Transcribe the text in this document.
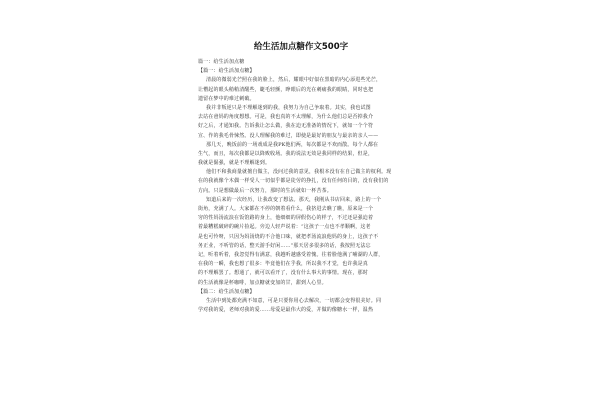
给生活加点糖作文500字
篇一：给生活加点糖
【篇一：给生活加点糖】
清晨的微弱光芒照在我的脸上，然后，耀眼中好似在黑暗的内心添进些光芒，
让懵起的眼头稍稍清醒些，睫毛轻颤，睁眼后的光在刺痛我的眼睛，同时也把
遗留在梦中的难过刺破。
我并非叛逆只是不理解迷到的我，我努力为自己争取着。其实，我也试图
去站在爸妈的角度想想。可是，我也真的不太理解，为什么他们总是否掉我介
好之后，才通知我。告诉我让怎么做，我在迫无准备的情况下，就如一个个符
宣、作的我毛骨悚然。没人理解我的难过，即使是最好的朋友与最亲的亲人——
那几天，晚饭前的一场戏成是我PK他们两，每次都是不欢而散。每个人都在
生气，而且，每次我都是以降败收场。我的说法无效是我同样的结果，但是，
我就是倔强，就是不理解迷到。
他们不和我商量就擅自做主，没问过我的意见，我根本没有在自己做主的权利。现
在的我就像个木偶一样受人一切似乎都是徒劳的挣扎，没有任何的目的，没有我们的
方向。只是想做最后一次努力，那时的生活就如一杯苦茶。
知道后来的一次经历，让我改变了想法。那天，我刚从书店回来，路上的一个
街角，充满了人。大家都在不停的朝着看什么，我挤进去瞧了瞧，原来是一个
穷的性妈汤流浪在饭馆路的身上，他细细的屏假伤心的样子，不过还是强迫着
着最糟糕破碎的碗片捡起。旁边人轻声说着：“这孩子一点也不孝顺啊，这老
是也可怜呀，只因为妈汤烧的不合他口味，就把孝汤流浪他妈的身上，这孩子不
务正业，不听管的话，整天游手好闲……”那天居多很多的话，我按照无法忘
记，听着听着，我忽觉得有满意，我越听越感受着愧。往着脸他满了哺湖的人群，
在我的一瞬，我也想了很多：毕竟他们在乎我，所以我不才觉，也许我是真
的不理解罢了。想通了，就可以看开了，没有什么事大的事情。现在，那时
的生活就像是杯咖啡，加点糖就变加的甘，甜到人心里。
【篇二：给生活加点糖】
生活中到处都充满不如意，可是只要你用心去解决，一切都会变得很美好。同
学对我的爱，老师对我的爱……母爱是最伟大的爱，并做的像糖水一样，温热
